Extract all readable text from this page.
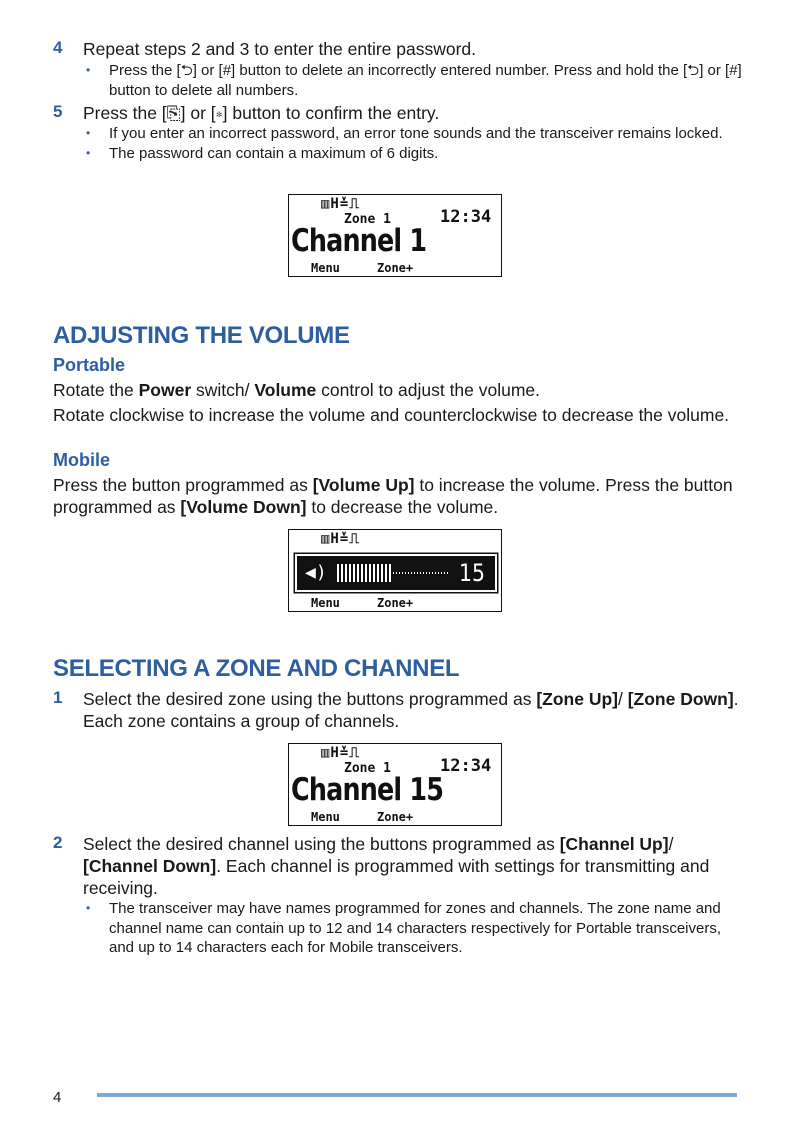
4 Repeat steps 2 and 3 to enter the entire password.
• Press the [⮌] or [#] button to delete an incorrectly entered number. Press and hold the [⮌] or [#] button to delete all numbers.
5 Press the [⎘] or [∗] button to confirm the entry.
• If you enter an incorrect password, an error tone sounds and the transceiver remains locked.
• The password can contain a maximum of 6 digits.
▥H≚⎍
Zone 1	12:34
Channel 1
Menu	Zone+
ADJUSTING THE VOLUME
Portable
Rotate the Power switch/ Volume control to adjust the volume.
Rotate clockwise to increase the volume and counterclockwise to decrease the volume.
Mobile
Press the button programmed as [Volume Up] to increase the volume. Press the button programmed as [Volume Down] to decrease the volume.
▥H≚⎍
◀)	15
Menu	Zone+
SELECTING A ZONE AND CHANNEL
1 Select the desired zone using the buttons programmed as [Zone Up]/ [Zone Down]. Each zone contains a group of channels.
▥H≚⎍
Zone 1	12:34
Channel 15
Menu	Zone+
2 Select the desired channel using the buttons programmed as [Channel Up]/ [Channel Down]. Each channel is programmed with settings for transmitting and receiving.
• The transceiver may have names programmed for zones and channels. The zone name and channel name can contain up to 12 and 14 characters respectively for Portable transceivers, and up to 14 characters each for Mobile transceivers.
4
